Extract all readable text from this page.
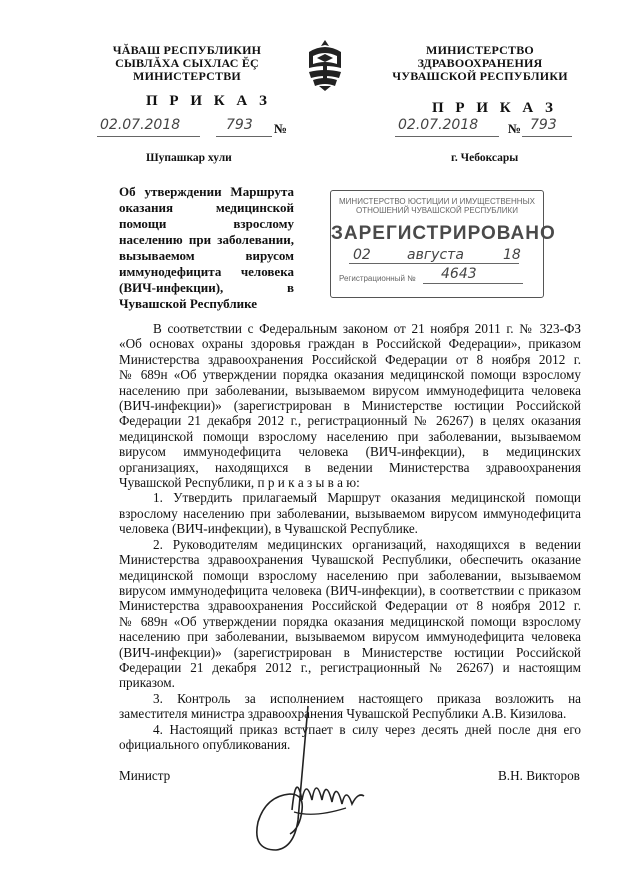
ЧĂВАШ РЕСПУБЛИКИН
СЫВЛĂХА СЫХЛАС ĔÇ
МИНИСТЕРСТВИ
МИНИСТЕРСТВО
ЗДРАВООХРАНЕНИЯ
ЧУВАШСКОЙ РЕСПУБЛИКИ
П Р И К А З	П Р И К А З
02.07.2018	793 №	02.07.2018 № 793
Шупашкар хули	г. Чебоксары
Об утверждении Маршрута
оказания медицинской
помощи взрослому
населению при заболевании,
вызываемом вирусом
иммунодефицита человека
(ВИЧ-инфекции), в
Чувашской Республике
МИНИСТЕРСТВО ЮСТИЦИИ И ИМУЩЕСТВЕННЫХ
ОТНОШЕНИЙ ЧУВАШСКОЙ РЕСПУБЛИКИ
ЗАРЕГИСТРИРОВАНО
02	августа	18
Регистрационный № 4643
В соответствии с Федеральным законом от 21 ноября 2011 г. № 323-ФЗ
«Об основах охраны здоровья граждан в Российской Федерации», приказом
Министерства здравоохранения Российской Федерации от 8 ноября 2012 г.
№ 689н «Об утверждении порядка оказания медицинской помощи взрослому
населению при заболевании, вызываемом вирусом иммунодефицита человека
(ВИЧ-инфекции)» (зарегистрирован в Министерстве юстиции Российской
Федерации 21 декабря 2012 г., регистрационный № 26267) в целях оказания
медицинской помощи взрослому населению при заболевании, вызываемом
вирусом иммунодефицита человека (ВИЧ-инфекции), в медицинских
организациях, находящихся в ведении Министерства здравоохранения
Чувашской Республики, п р и к а з ы в а ю:
1. Утвердить прилагаемый Маршрут оказания медицинской помощи
взрослому населению при заболевании, вызываемом вирусом иммунодефицита
человека (ВИЧ-инфекции), в Чувашской Республике.
2. Руководителям медицинских организаций, находящихся в ведении
Министерства здравоохранения Чувашской Республики, обеспечить оказание
медицинской помощи взрослому населению при заболевании, вызываемом
вирусом иммунодефицита человека (ВИЧ-инфекции), в соответствии с приказом
Министерства здравоохранения Российской Федерации от 8 ноября 2012 г.
№ 689н «Об утверждении порядка оказания медицинской помощи взрослому
населению при заболевании, вызываемом вирусом иммунодефицита человека
(ВИЧ-инфекции)» (зарегистрирован в Министерстве юстиции Российской
Федерации 21 декабря 2012 г., регистрационный № 26267) и настоящим
приказом.
3. Контроль за исполнением настоящего приказа возложить на
заместителя министра здравоохранения Чувашской Республики А.В. Кизилова.
4. Настоящий приказ вступает в силу через десять дней после дня его
официального опубликования.
Министр	В.Н. Викторов
